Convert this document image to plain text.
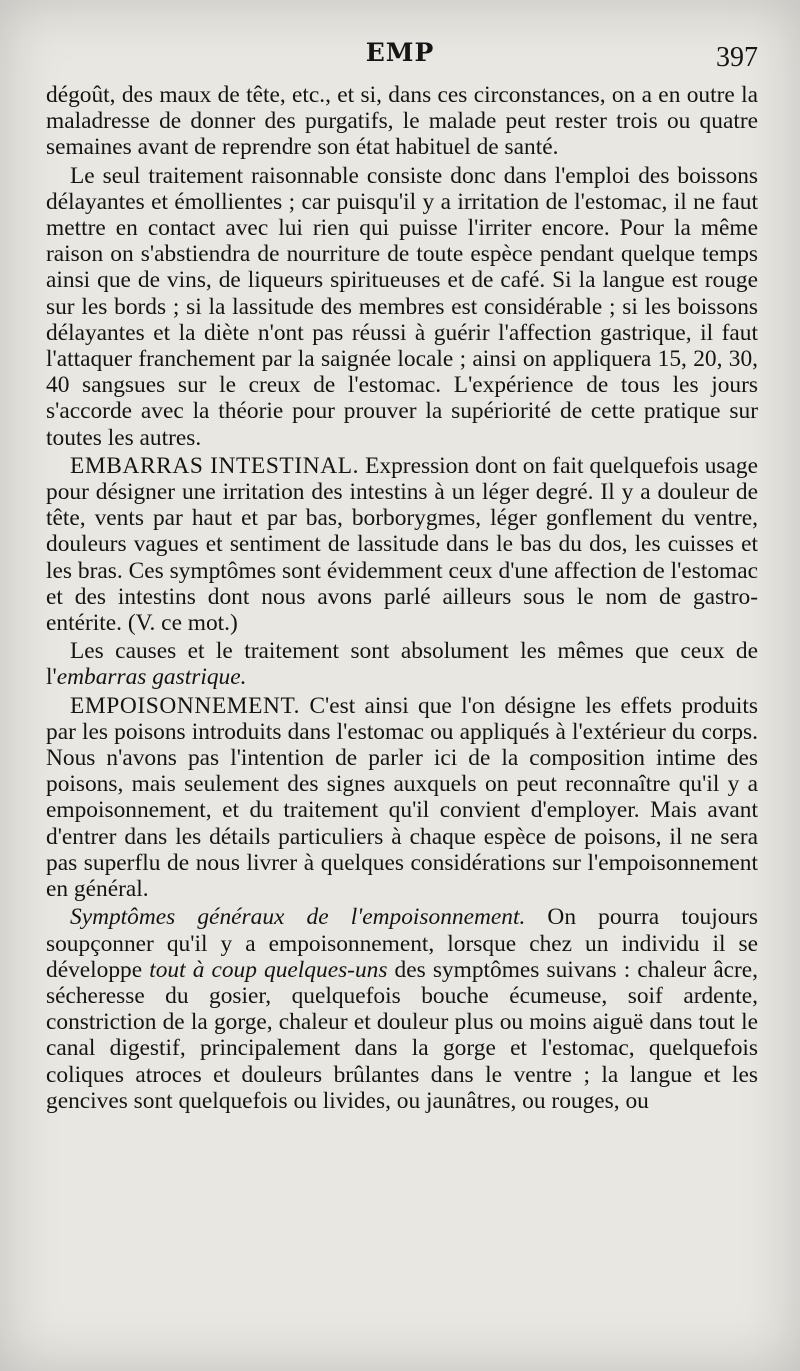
EMP	397

dégoût, des maux de tête, etc., et si, dans ces circonstances, on a en outre la maladresse de donner des purgatifs, le malade peut rester trois ou quatre semaines avant de reprendre son état habituel de santé.

Le seul traitement raisonnable consiste donc dans l'emploi des boissons délayantes et émollientes ; car puisqu'il y a irritation de l'estomac, il ne faut mettre en contact avec lui rien qui puisse l'irriter encore. Pour la même raison on s'abstiendra de nourriture de toute espèce pendant quelque temps ainsi que de vins, de liqueurs spiritueuses et de café. Si la langue est rouge sur les bords ; si la lassitude des membres est considérable ; si les boissons délayantes et la diète n'ont pas réussi à guérir l'affection gastrique, il faut l'attaquer franchement par la saignée locale ; ainsi on appliquera 15, 20, 30, 40 sangsues sur le creux de l'estomac. L'expérience de tous les jours s'accorde avec la théorie pour prouver la supériorité de cette pratique sur toutes les autres.

EMBARRAS INTESTINAL. Expression dont on fait quelquefois usage pour désigner une irritation des intestins à un léger degré. Il y a douleur de tête, vents par haut et par bas, borborygmes, léger gonflement du ventre, douleurs vagues et sentiment de lassitude dans le bas du dos, les cuisses et les bras. Ces symptômes sont évidemment ceux d'une affection de l'estomac et des intestins dont nous avons parlé ailleurs sous le nom de gastro-entérite. (V. ce mot.)

Les causes et le traitement sont absolument les mêmes que ceux de l'embarras gastrique.

EMPOISONNEMENT. C'est ainsi que l'on désigne les effets produits par les poisons introduits dans l'estomac ou appliqués à l'extérieur du corps. Nous n'avons pas l'intention de parler ici de la composition intime des poisons, mais seulement des signes auxquels on peut reconnaître qu'il y a empoisonnement, et du traitement qu'il convient d'employer. Mais avant d'entrer dans les détails particuliers à chaque espèce de poisons, il ne sera pas superflu de nous livrer à quelques considérations sur l'empoisonnement en général.

Symptômes généraux de l'empoisonnement. On pourra toujours soupçonner qu'il y a empoisonnement, lorsque chez un individu il se développe tout à coup quelques-uns des symptômes suivans : chaleur âcre, sécheresse du gosier, quelquefois bouche écumeuse, soif ardente, constriction de la gorge, chaleur et douleur plus ou moins aiguë dans tout le canal digestif, principalement dans la gorge et l'estomac, quelquefois coliques atroces et douleurs brûlantes dans le ventre ; la langue et les gencives sont quelquefois ou livides, ou jaunâtres, ou rouges, ou
